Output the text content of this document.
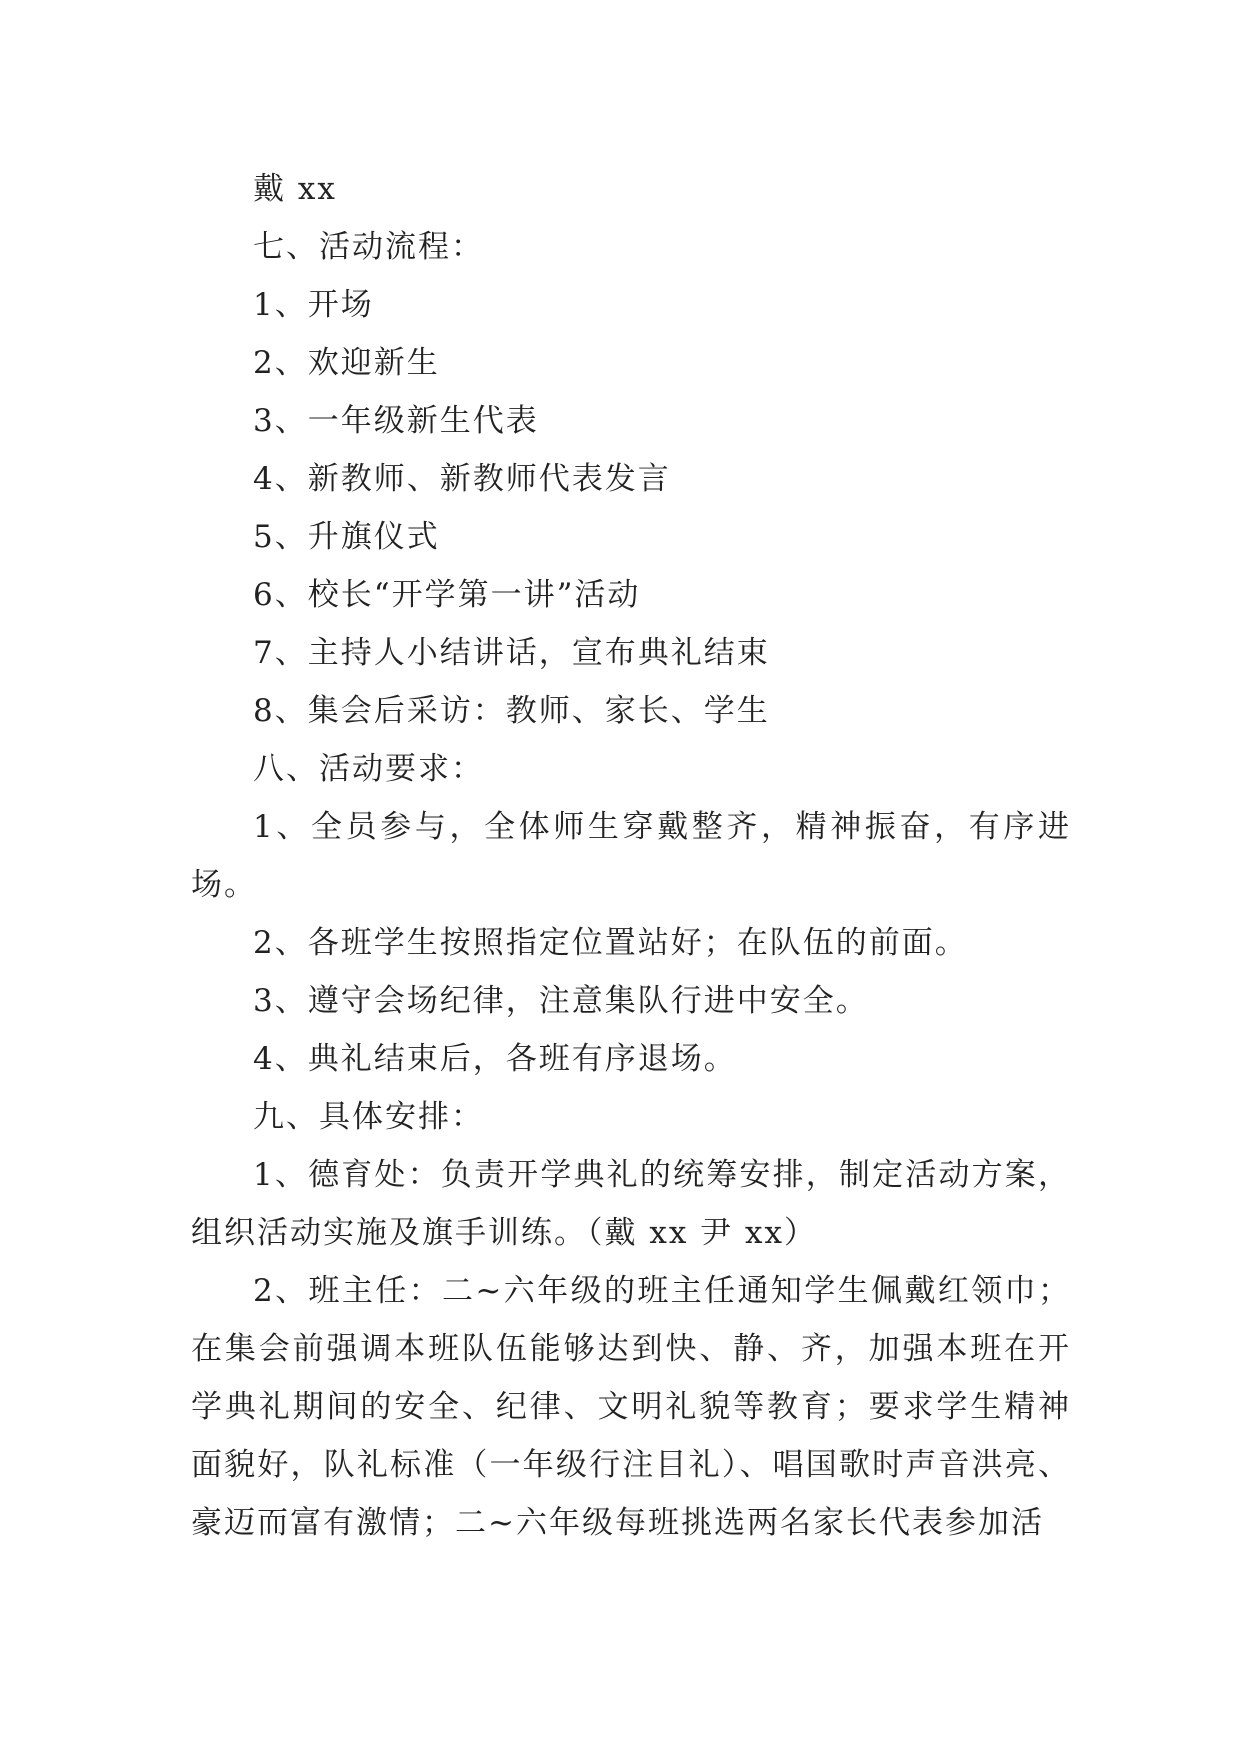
戴 xx

七、活动流程：

1、开场

2、欢迎新生

3、一年级新生代表

4、新教师、新教师代表发言

5、升旗仪式

6、校长“开学第一讲”活动

7、主持人小结讲话，宣布典礼结束

8、集会后采访：教师、家长、学生

八、活动要求：

1、全员参与，全体师生穿戴整齐，精神振奋，有序进场。

2、各班学生按照指定位置站好；在队伍的前面。

3、遵守会场纪律，注意集队行进中安全。

4、典礼结束后，各班有序退场。

九、具体安排：

1、德育处：负责开学典礼的统筹安排，制定活动方案，组织活动实施及旗手训练。（戴 xx 尹 xx）

2、班主任：二~六年级的班主任通知学生佩戴红领巾；在集会前强调本班队伍能够达到快、静、齐，加强本班在开学典礼期间的安全、纪律、文明礼貌等教育；要求学生精神面貌好，队礼标准（一年级行注目礼）、唱国歌时声音洪亮、豪迈而富有激情；二~六年级每班挑选两名家长代表参加活
